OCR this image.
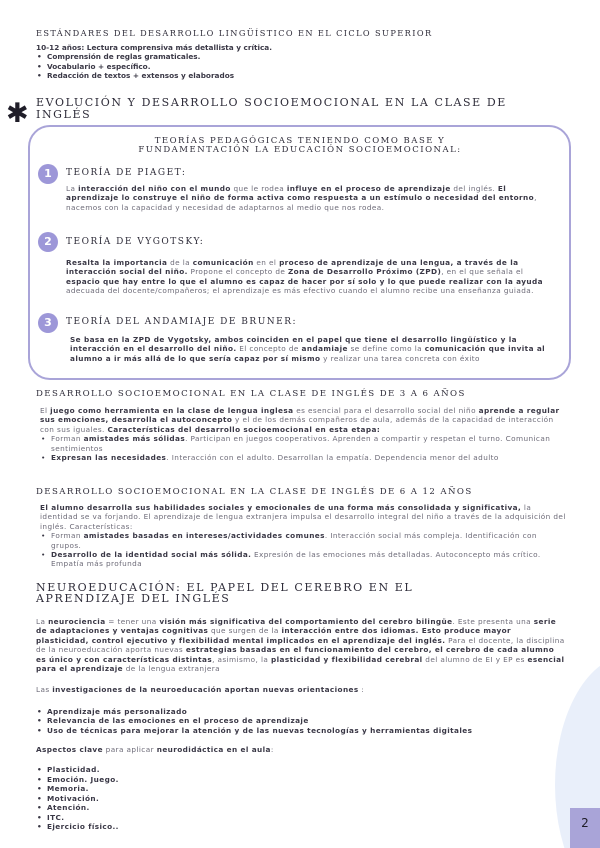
ESTÁNDARES DEL DESARROLLO LINGÜÍSTICO EN EL CICLO SUPERIOR
10-12 años: Lectura comprensiva más detallista y crítica.
• Comprensión de reglas gramaticales.
• Vocabulario + específico.
• Redacción de textos + extensos y elaborados
✱ EVOLUCIÓN Y DESARROLLO SOCIOEMOCIONAL EN LA CLASE DE INGLÉS
TEORÍAS PEDAGÓGICAS TENIENDO COMO BASE Y FUNDAMENTACIÓN LA EDUCACIÓN SOCIOEMOCIONAL:
1	TEORÍA DE PIAGET:

La interacción del niño con el mundo que le rodea influye en el proceso de aprendizaje del inglés. El aprendizaje lo construye el niño de forma activa como respuesta a un estímulo o necesidad del entorno, nacemos con la capacidad y necesidad de adaptarnos al medio que nos rodea.

2	TEORÍA DE VYGOTSKY:

Resalta la importancia de la comunicación en el proceso de aprendizaje de una lengua, a través de la interacción social del niño. Propone el concepto de Zona de Desarrollo Próximo (ZPD), en el que señala el espacio que hay entre lo que el alumno es capaz de hacer por sí solo y lo que puede realizar con la ayuda adecuada del docente/compañeros; el aprendizaje es más efectivo cuando el alumno recibe una enseñanza guiada.

3	TEORÍA DEL ANDAMIAJE DE BRUNER:

Se basa en la ZPD de Vygotsky, ambos coinciden en el papel que tiene el desarrollo lingüístico y la interacción en el desarrollo del niño. El concepto de andamiaje se define como la comunicación que invita al alumno a ir más allá de lo que sería capaz por sí mismo y realizar una tarea concreta con éxito

DESARROLLO SOCIOEMOCIONAL EN LA CLASE DE INGLÉS DE 3 A 6 AÑOS

El juego como herramienta en la clase de lengua inglesa es esencial para el desarrollo social del niño aprende a regular sus emociones, desarrolla el autoconcepto y el de los demás compañeros de aula, además de la capacidad de interacción con sus iguales. Características del desarrollo socioemocional en esta etapa:

• Forman amistades más sólidas. Participan en juegos cooperativos. Aprenden a compartir y respetan el turno. Comunican sentimientos
• Expresan las necesidades. Interacción con el adulto. Desarrollan la empatía. Dependencia menor del adulto
DESARROLLO SOCIOEMOCIONAL EN LA CLASE DE INGLÉS DE 6 A 12 AÑOS

El alumno desarrolla sus habilidades sociales y emocionales de una forma más consolidada y significativa, la identidad se va forjando. El aprendizaje de lengua extranjera impulsa el desarrollo integral del niño a través de la adquisición del inglés. Características:

• Forman amistades basadas en intereses/actividades comunes. Interacción social más compleja. Identificación con grupos.
• Desarrollo de la identidad social más sólida. Expresión de las emociones más detalladas. Autoconcepto más crítico. Empatía más profunda
NEUROEDUCACIÓN: EL PAPEL DEL CEREBRO EN EL APRENDIZAJE DEL INGLÉS

La neurociencia = tener una visión más significativa del comportamiento del cerebro bilingüe. Este presenta una serie de adaptaciones y ventajas cognitivas que surgen de la interacción entre dos idiomas. Esto produce mayor plasticidad, control ejecutivo y flexibilidad mental implicados en el aprendizaje del inglés. Para el docente, la disciplina de la neuroeducación aporta nuevas estrategias basadas en el funcionamiento del cerebro, el cerebro de cada alumno es único y con características distintas, asimismo, la plasticidad y flexibilidad cerebral del alumno de EI y EP es esencial para el aprendizaje de la lengua extranjera

Las investigaciones de la neuroeducación aportan nuevas orientaciones :

• Aprendizaje más personalizado
• Relevancia de las emociones en el proceso de aprendizaje
• Uso de técnicas para mejorar la atención y de las nuevas tecnologías y herramientas digitales

Aspectos clave para aplicar neurodidáctica en el aula:

• Plasticidad.
• Emoción. Juego.
• Memoria.
• Motivación.
• Atención.
• ITC.
• Ejercicio físico..	2
